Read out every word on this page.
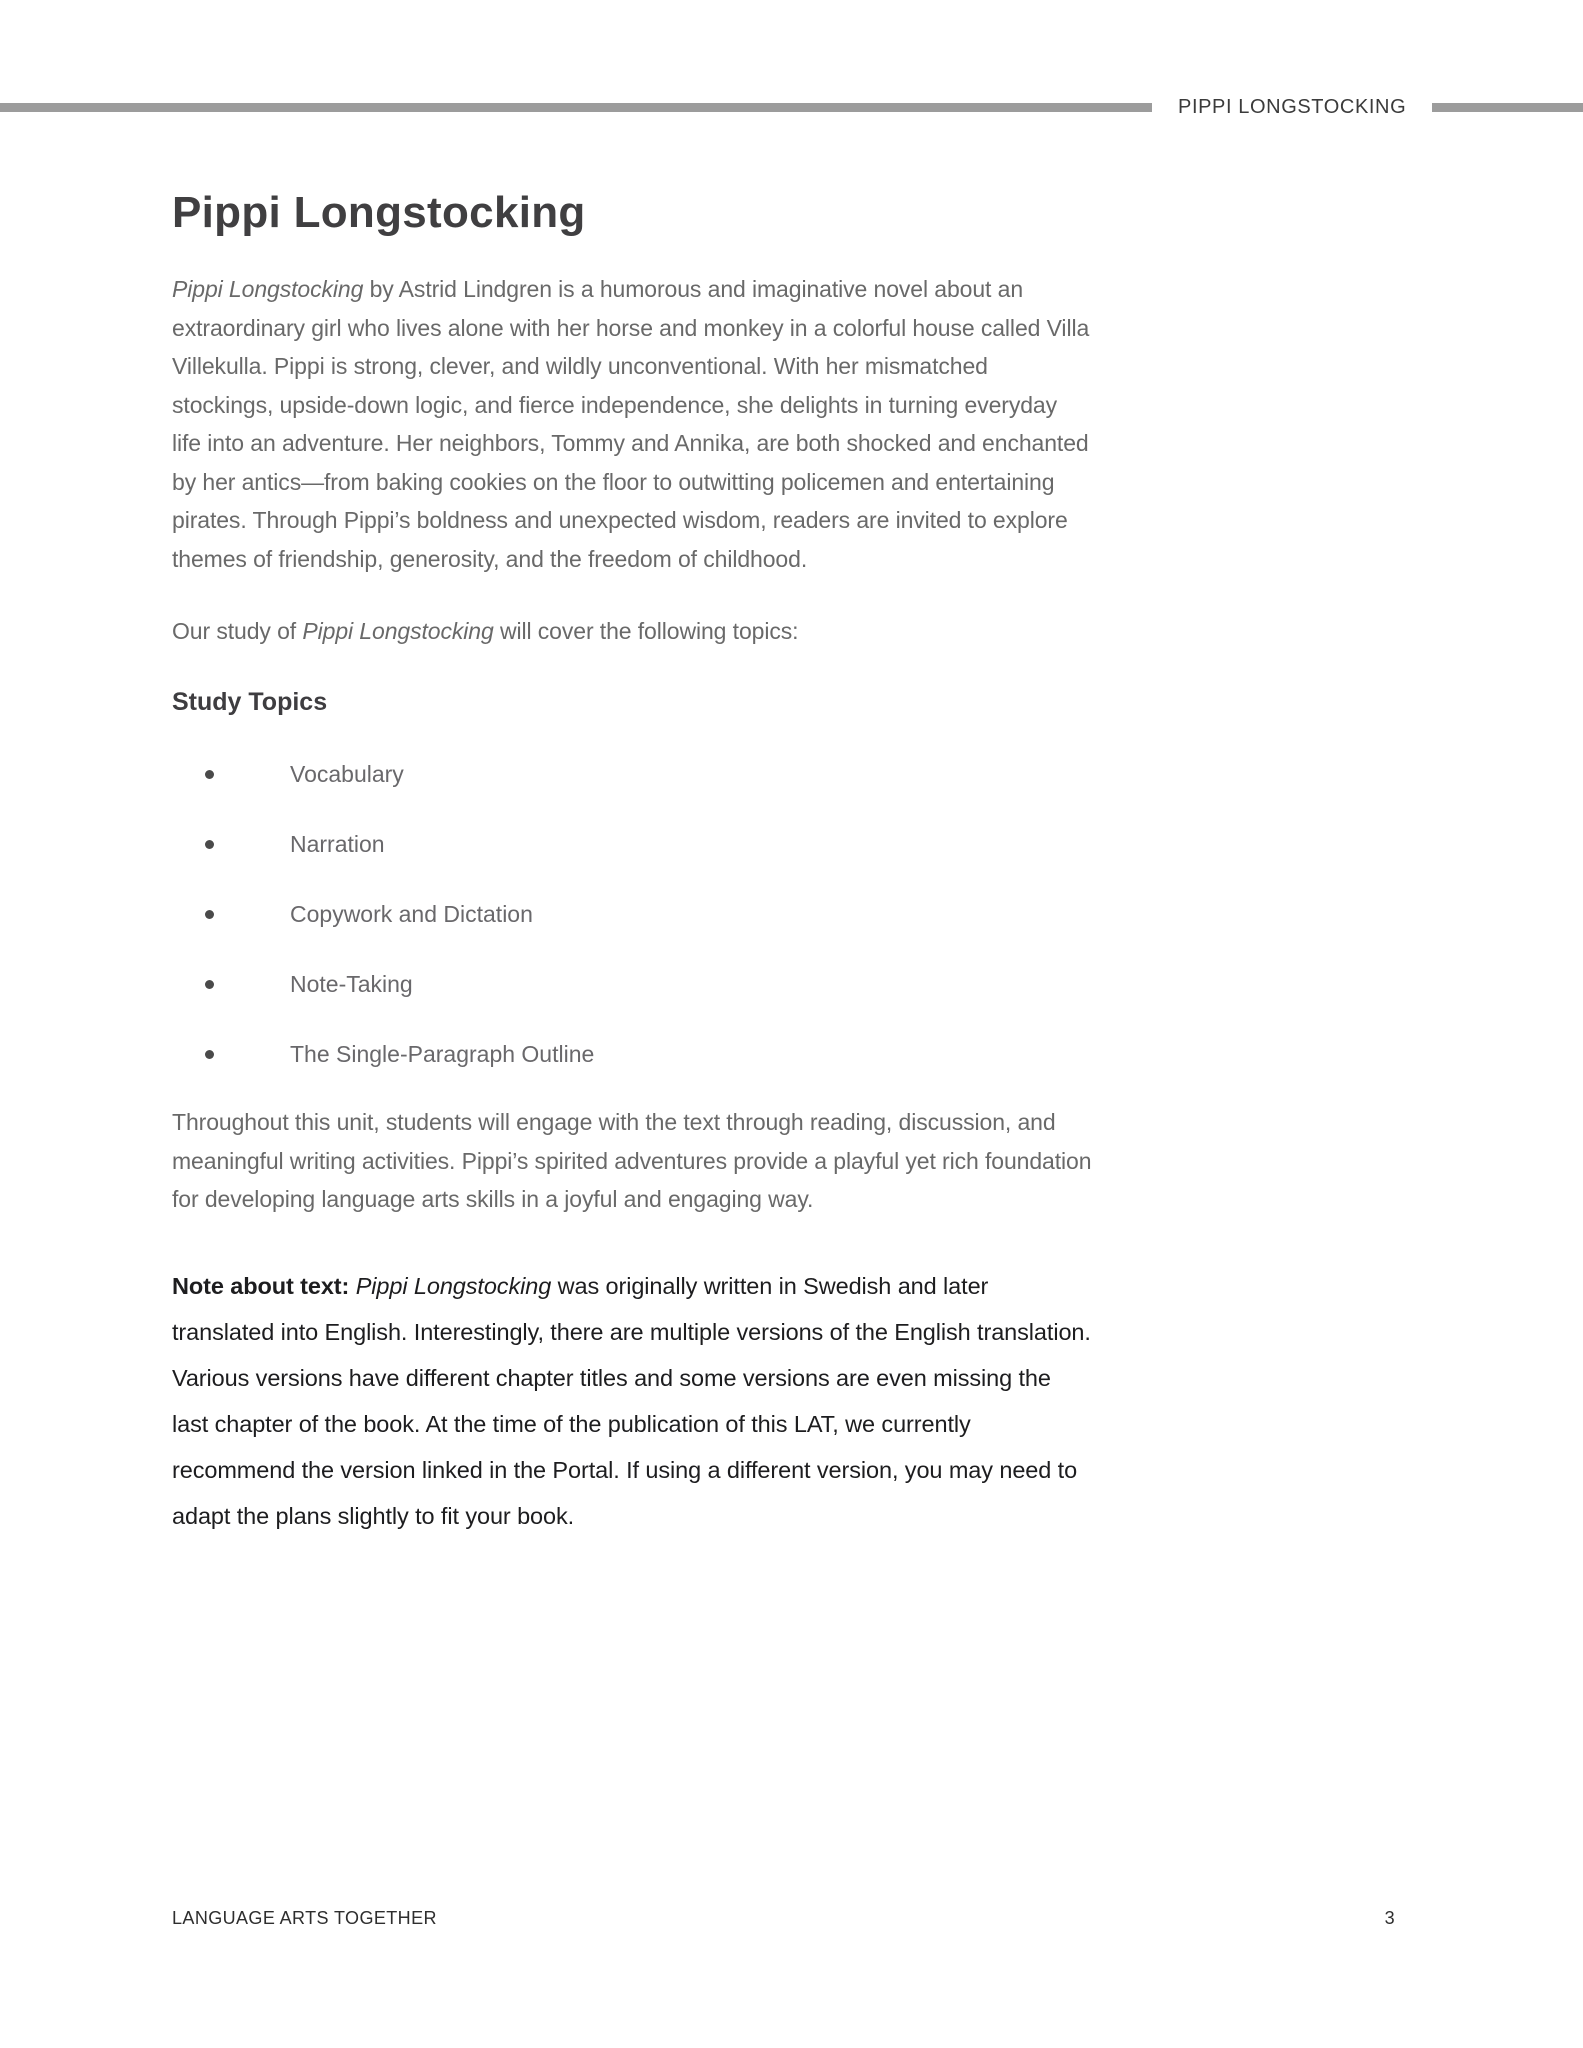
PIPPI LONGSTOCKING
Pippi Longstocking

Pippi Longstocking by Astrid Lindgren is a humorous and imaginative novel about an extraordinary girl who lives alone with her horse and monkey in a colorful house called Villa Villekulla. Pippi is strong, clever, and wildly unconventional. With her mismatched stockings, upside-down logic, and fierce independence, she delights in turning everyday life into an adventure. Her neighbors, Tommy and Annika, are both shocked and enchanted by her antics—from baking cookies on the floor to outwitting policemen and entertaining pirates. Through Pippi’s boldness and unexpected wisdom, readers are invited to explore themes of friendship, generosity, and the freedom of childhood.

Our study of Pippi Longstocking will cover the following topics:

Study Topics
Vocabulary
Narration
Copywork and Dictation
Note-Taking
The Single-Paragraph Outline

Throughout this unit, students will engage with the text through reading, discussion, and meaningful writing activities. Pippi’s spirited adventures provide a playful yet rich foundation for developing language arts skills in a joyful and engaging way.

Note about text: Pippi Longstocking was originally written in Swedish and later translated into English. Interestingly, there are multiple versions of the English translation. Various versions have different chapter titles and some versions are even missing the last chapter of the book. At the time of the publication of this LAT, we currently recommend the version linked in the Portal. If using a different version, you may need to adapt the plans slightly to fit your book.

LANGUAGE ARTS TOGETHER	3
